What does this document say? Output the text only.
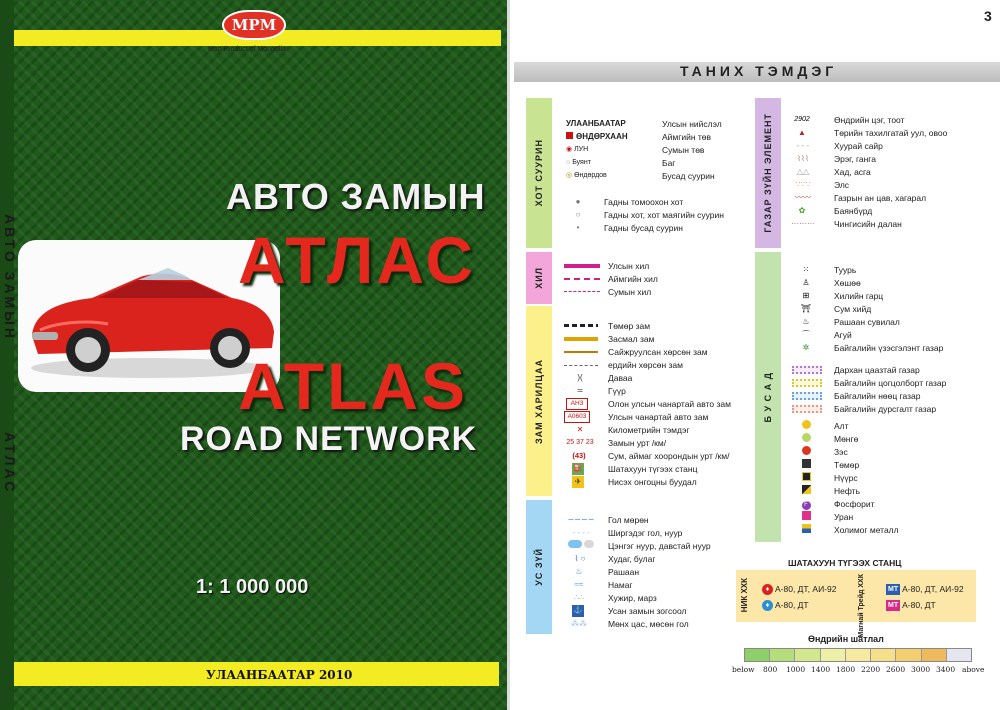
АВТО ЗАМЫН
АТЛАС
МРМ
Map Product of Mongolia
АВТО ЗАМЫН
АТЛАС
ATLAS
ROAD NETWORK
1: 1 000 000
УЛААНБААТАР 2010
3
ТАНИХ ТЭМДЭГ
ХОТ СУУРИН
ХИЛ
ЗАМ ХАРИЛЦАА
УС ЗҮЙ
ГАЗАР ЗҮЙН ЭЛЕМЕНТ
Б У С А Д
УЛААНБААТАР	Улсын нийслэл
ӨНДӨРХААН	Аймгийн төв
◉ ЛУН	Сумын төв
○ Буянт	Баг
◎ Өндөрдов	Бусад суурин
●	Гадны томоохон хот
○	Гадны хот, хот маягийн суурин
•	Гадны бусад суурин
Улсын хил
Аймгийн хил
Сумын хил
Төмөр зам
Засмал зам
Сайжруулсан хөрсөн зам
ердийн хөрсөн зам
)(	Даваа
≍	Гүүр
AH3	Олон улсын чанартай авто зам
A0603	Улсын чанартай авто зам
✕	Километрийн тэмдэг
25 37 23	Замын урт /км/
(43)	Сум, аймаг хоорондын урт /км/
⛽	Шатахуун түгээх станц
✈	Нисэх онгоцны буудал
∼∼∼∼	Гол мөрөн
- - - -	Ширгэдэг гол, нуур

Цэнгэг нуур, давстай нуур
⌇ ○	Худаг, булаг
♨	Рашаан
≈≈	Намаг
∴∴	Хужир, марз
⚓	Усан замын зогсоол
⁂⁂	Мөнх цас, мөсөн гол
2902	Өндрийн цэг, тоот
▲	Төрийн тахилгатай уул, овоо
- - -	Хуурай сайр
⌇⌇⌇	Эрэг, ганга
△△	Хад, асга
∵∵∵	Элс
〰〰	Газрын ан цав, хагарал
✿	Баянбүрд
········· Чингисийн далан
⁙	Туурь
♙	Хөшөө
⊞	Хилийн гарц
⛩	Сум хийд
♨	Рашаан сувилал
⌒	Агуй
✲	Байгалийн үзэсгэлэнт газар
Дархан цаазтай газар
Байгалийн цогцолборт газар
Байгалийн нөөц газар
Байгалийн дурсгалт газар
Алт
Мөнгө
Зэс
Төмөр
Нүүрс
Нефть
F	Фосфорит
Уран
Холимог металл
ШАТАХУУН ТҮГЭЭХ СТАНЦ
НИК ХХК	Магнай Трейд ХХК
♦ А-80, ДТ, АИ-92
♦ А-80, ДТ
МТ А-80, ДТ, АИ-92
МТ А-80, ДТ
Өндрийн шатлал
below 800 1000 1400 1800 2200 2600 3000 3400 above
